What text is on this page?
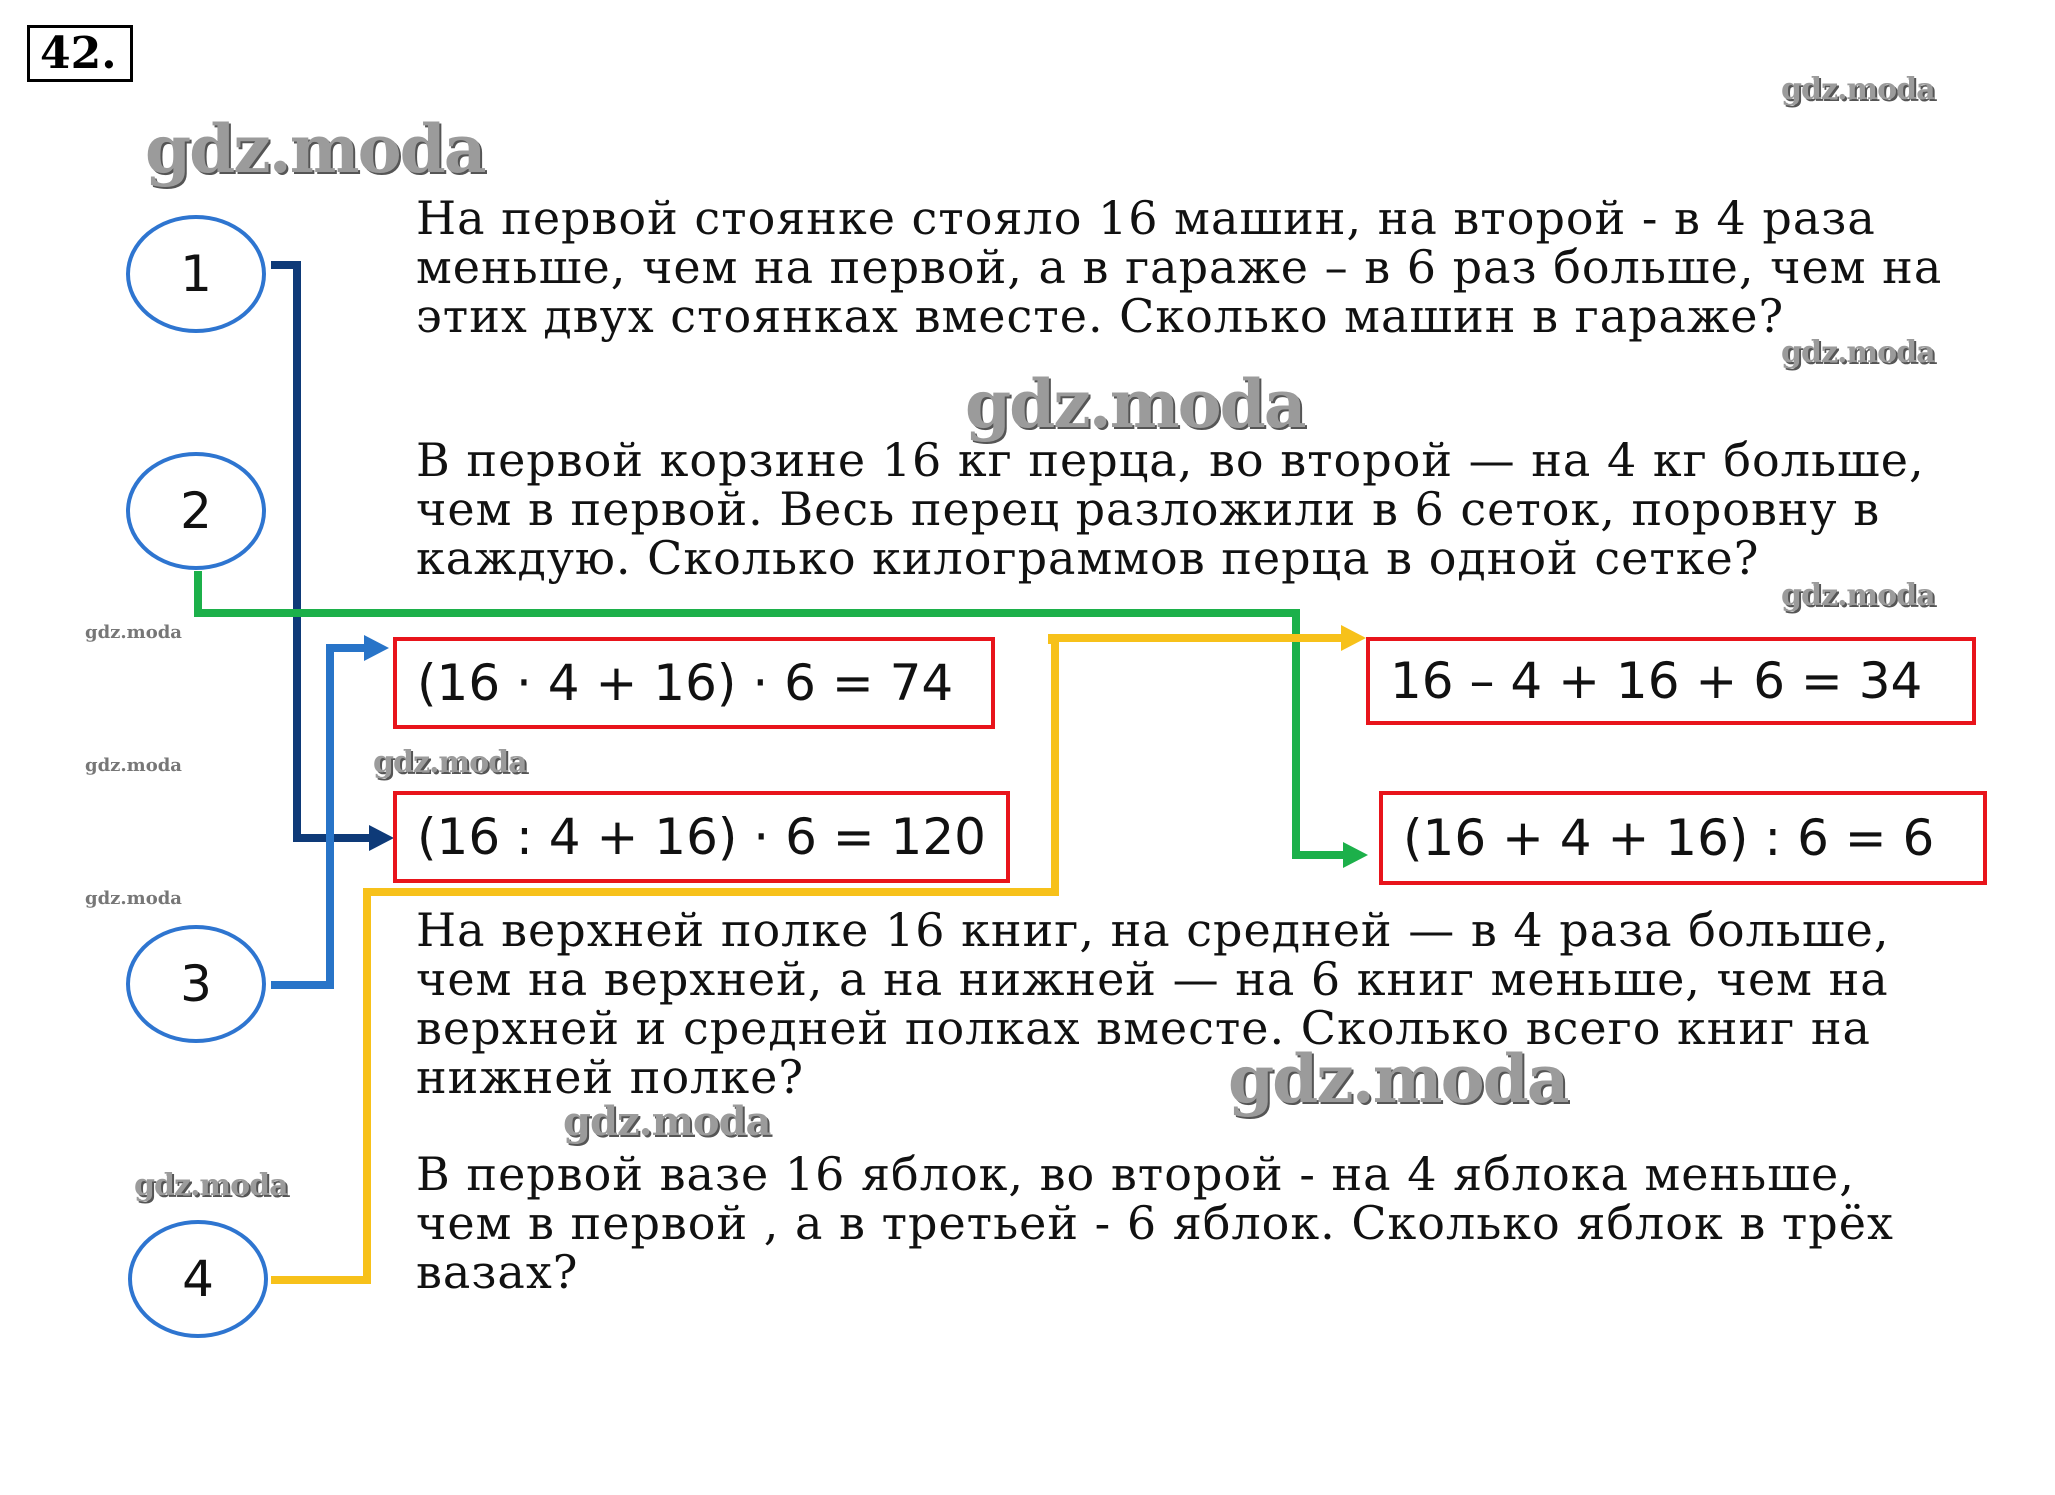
42.
gdz.moda
gdz.moda
gdz.moda
gdz.moda
gdz.moda
gdz.moda
gdz.moda
gdz.moda
gdz.moda
gdz.moda
gdz.moda
gdz.moda
На первой стоянке стояло 16 машин, на второй - в 4 раза
меньше, чем на первой, а в гараже – в 6 раз больше, чем на
этих двух стоянках вместе. Сколько машин в гараже?
В первой корзине 16 кг перца, во второй — на 4 кг больше,
чем в первой. Весь перец разложили в 6 сеток, поровну в
каждую. Сколько килограммов перца в одной сетке?
На верхней полке 16 книг, на средней — в 4 раза больше,
чем на верхней, а на нижней — на 6 книг меньше, чем на
верхней и средней полках вместе. Сколько всего книг на
нижней полке?
В первой вазе 16 яблок, во второй - на 4 яблока меньше,
чем в первой , а в третьей - 6 яблок. Сколько яблок в трёх
вазах?
1
2
3
4
(16 · 4 + 16) · 6 = 74
(16 : 4 + 16) · 6 = 120
16 – 4 + 16 + 6 = 34
(16 + 4 + 16) : 6 = 6
